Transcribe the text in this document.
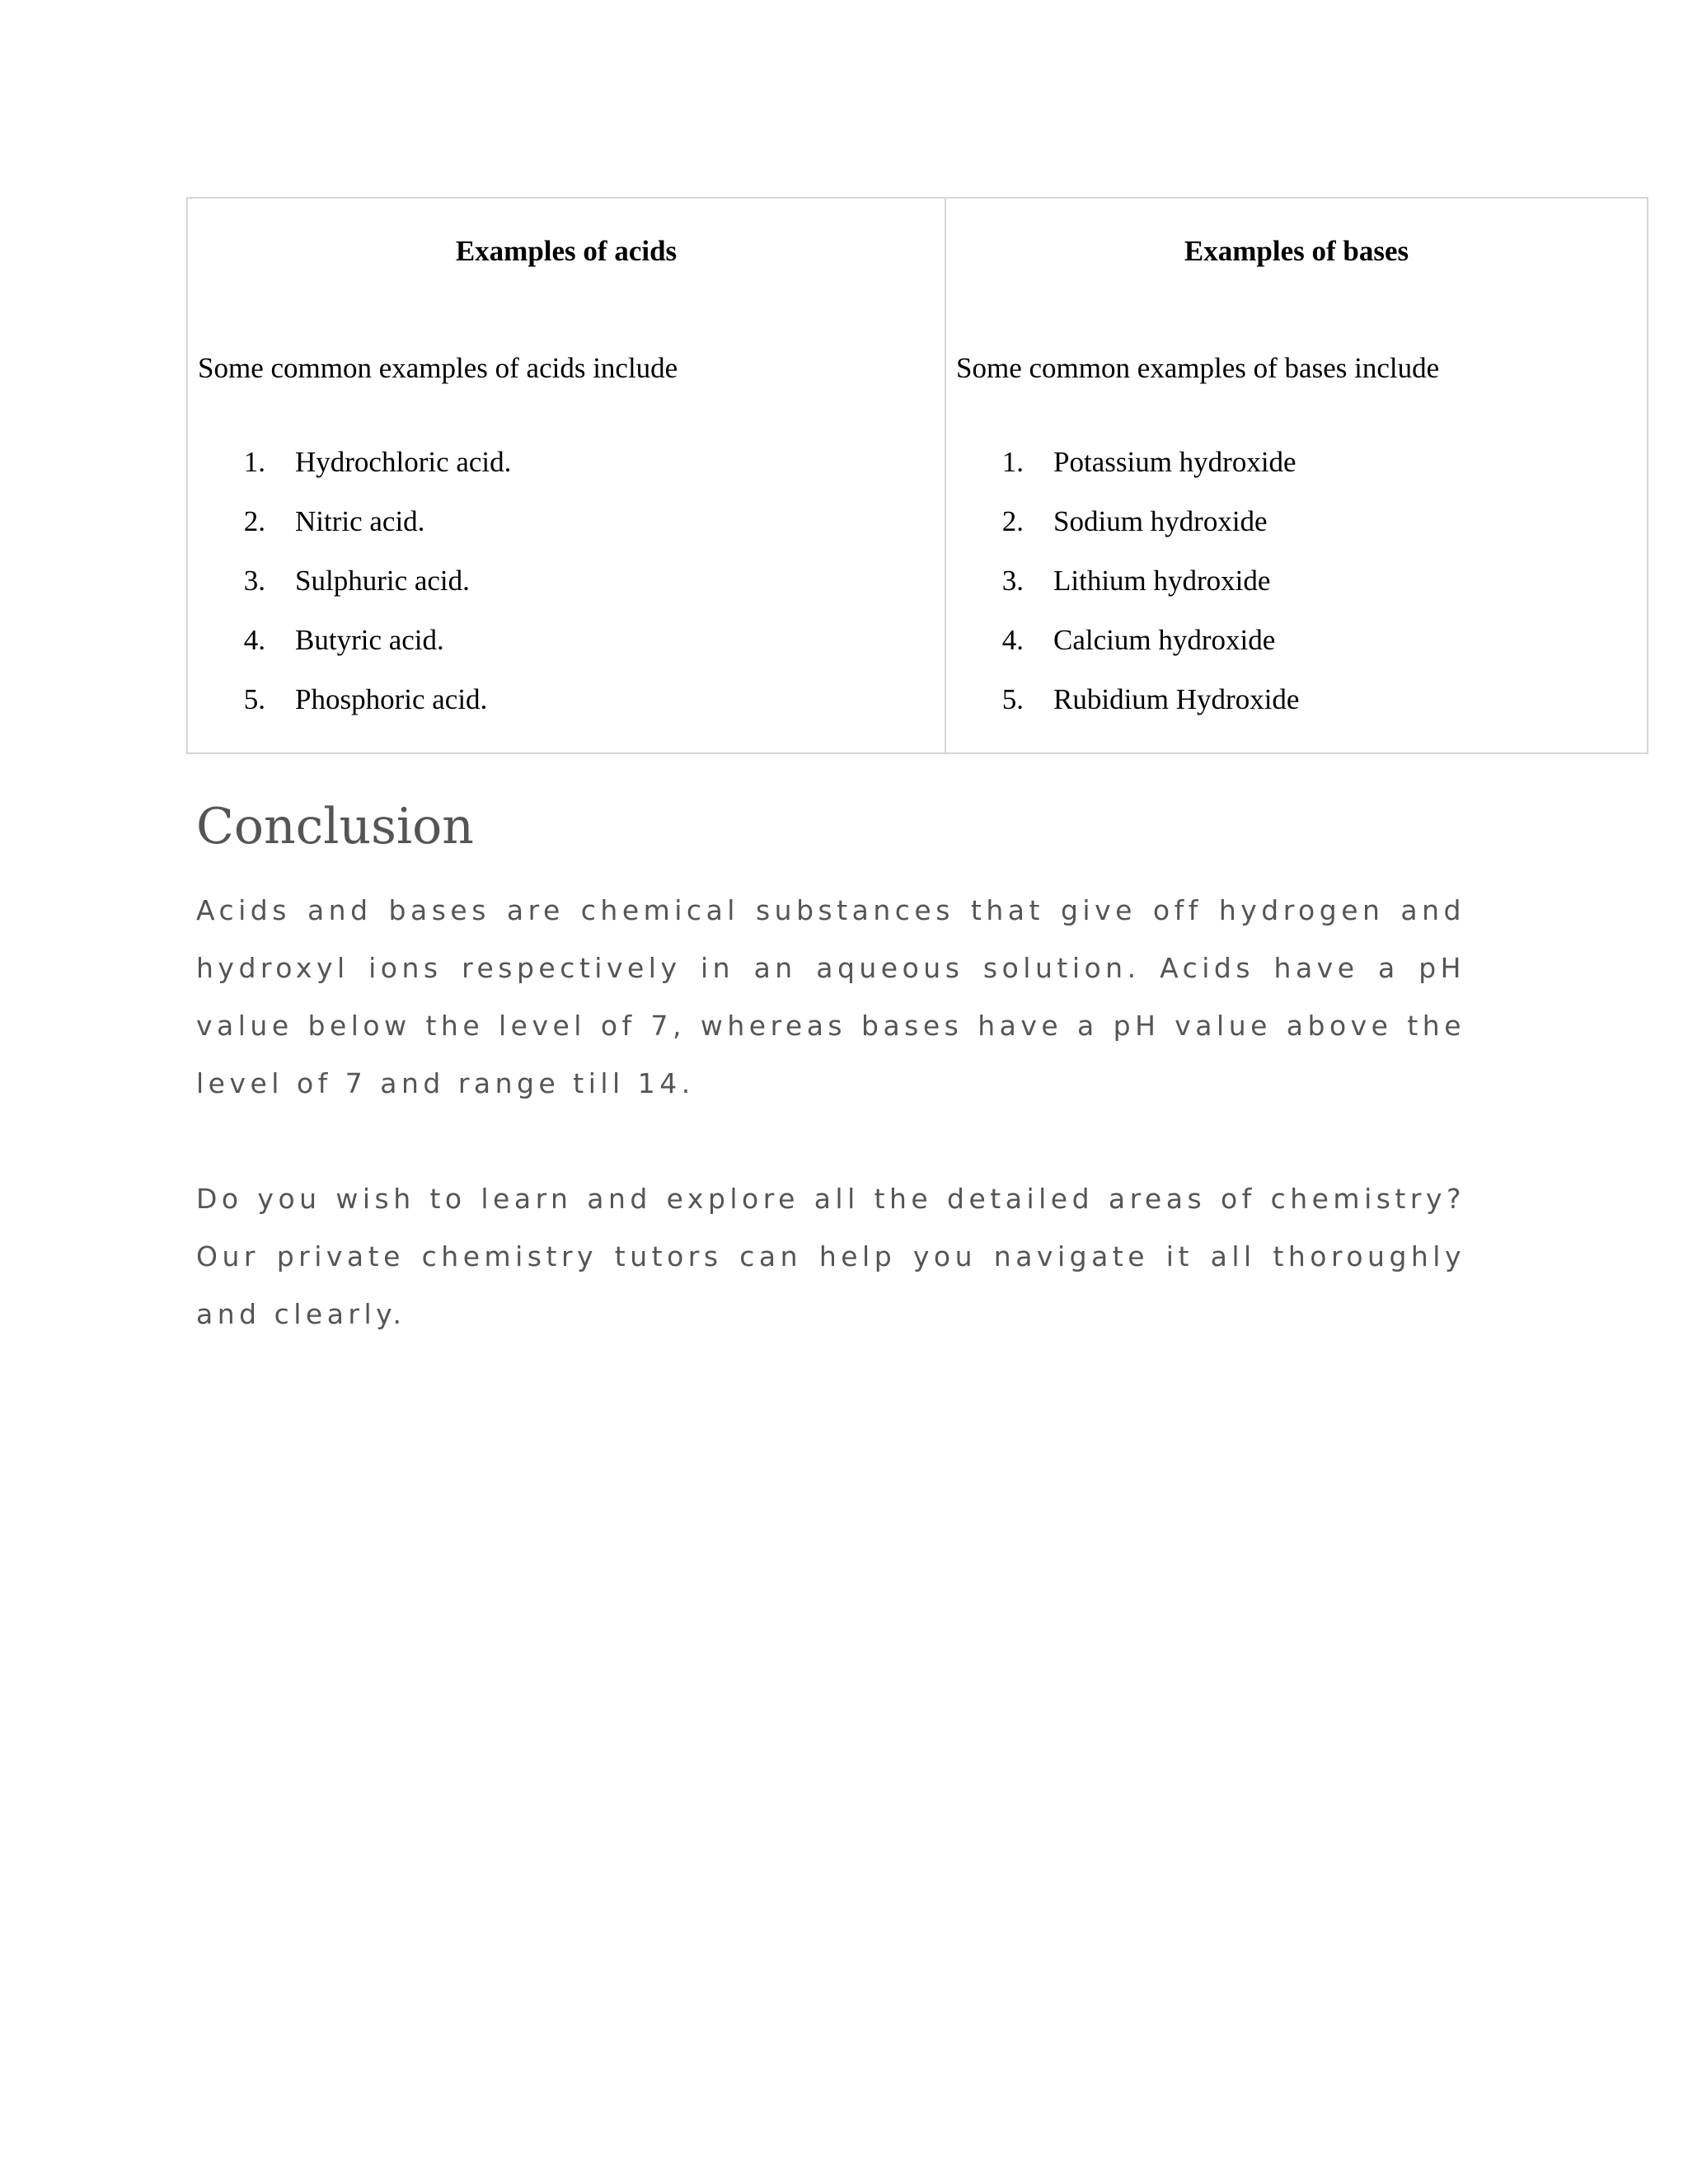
Examples of acids

Some common examples of acids include

1.	Hydrochloric acid.
2.	Nitric acid.
3.	Sulphuric acid.
4.	Butyric acid.
5.	Phosphoric acid.

Examples of bases

Some common examples of bases include

1.	Potassium hydroxide
2.	Sodium hydroxide
3.	Lithium hydroxide
4.	Calcium hydroxide
5.	Rubidium Hydroxide
Conclusion

Acids and bases are chemical substances that give off hydrogen and hydroxyl ions respectively in an aqueous solution. Acids have a pH value below the level of 7, whereas bases have a pH value above the level of 7 and range till 14.

Do you wish to learn and explore all the detailed areas of chemistry? Our private chemistry tutors can help you navigate it all thoroughly and clearly.
